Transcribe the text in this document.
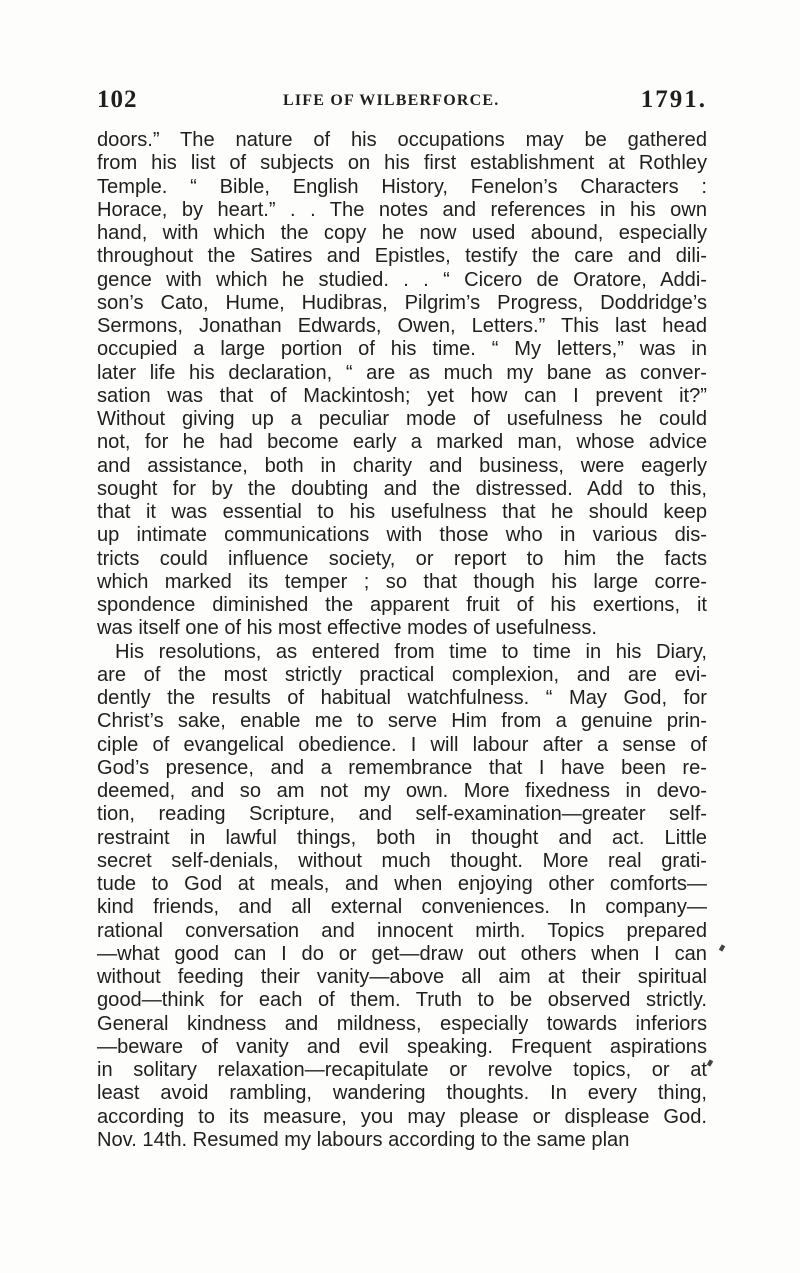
102	LIFE OF WILBERFORCE.	1791.
doors.” The nature of his occupations may be gathered
from his list of subjects on his first establishment at Rothley
Temple. “ Bible, English History, Fenelon’s Characters :
Horace, by heart.” . . The notes and references in his own
hand, with which the copy he now used abound, especially
throughout the Satires and Epistles, testify the care and dili-
gence with which he studied. . . “ Cicero de Oratore, Addi-
son’s Cato, Hume, Hudibras, Pilgrim’s Progress, Doddridge’s
Sermons, Jonathan Edwards, Owen, Letters.” This last head
occupied a large portion of his time. “ My letters,” was in
later life his declaration, “ are as much my bane as conver-
sation was that of Mackintosh; yet how can I prevent it?”
Without giving up a peculiar mode of usefulness he could
not, for he had become early a marked man, whose advice
and assistance, both in charity and business, were eagerly
sought for by the doubting and the distressed. Add to this,
that it was essential to his usefulness that he should keep
up intimate communications with those who in various dis-
tricts could influence society, or report to him the facts
which marked its temper ; so that though his large corre-
spondence diminished the apparent fruit of his exertions, it
was itself one of his most effective modes of usefulness.
His resolutions, as entered from time to time in his Diary,
are of the most strictly practical complexion, and are evi-
dently the results of habitual watchfulness. “ May God, for
Christ’s sake, enable me to serve Him from a genuine prin-
ciple of evangelical obedience. I will labour after a sense of
God’s presence, and a remembrance that I have been re-
deemed, and so am not my own. More fixedness in devo-
tion, reading Scripture, and self-examination—greater self-
restraint in lawful things, both in thought and act. Little
secret self-denials, without much thought. More real grati-
tude to God at meals, and when enjoying other comforts—
kind friends, and all external conveniences. In company—
rational conversation and innocent mirth. Topics prepared
—what good can I do or get—draw out others when I can
without feeding their vanity—above all aim at their spiritual
good—think for each of them. Truth to be observed strictly.
General kindness and mildness, especially towards inferiors
—beware of vanity and evil speaking. Frequent aspirations
in solitary relaxation—recapitulate or revolve topics, or at
least avoid rambling, wandering thoughts. In every thing,
according to its measure, you may please or displease God.
Nov. 14th. Resumed my labours according to the same plan
